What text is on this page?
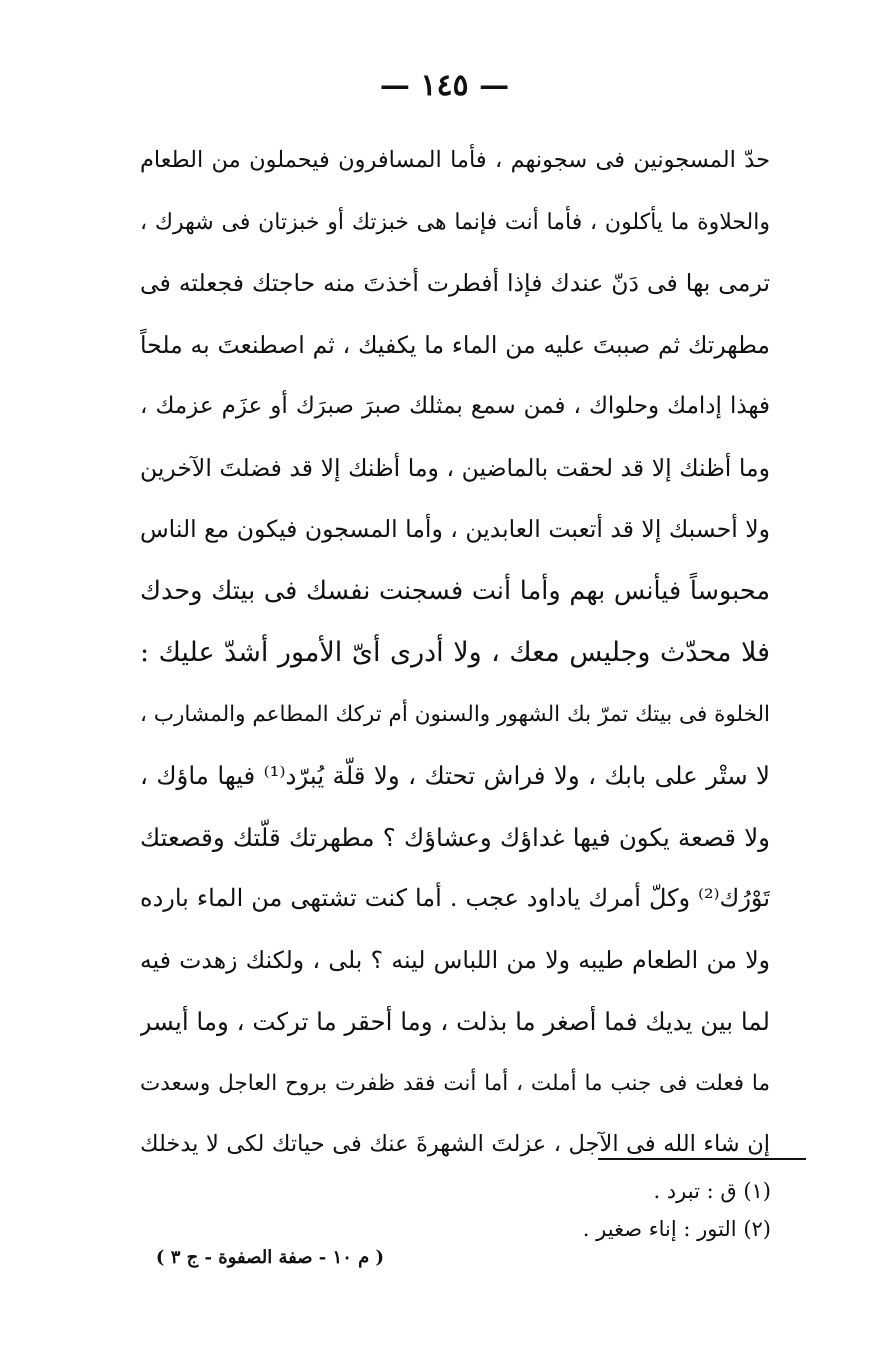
— ١٤٥ —
حدّ المسجونين فى سجونهم ، فأما المسافرون فيحملون من الطعام
والحلاوة ما يأكلون ، فأما أنت فإنما هى خبزتك أو خبزتان فى شهرك ،
ترمى بها فى دَنّ عندك فإذا أفطرت أخذتَ منه حاجتك فجعلته فى
مطهرتك ثم صببتَ عليه من الماء ما يكفيك ، ثم اصطنعتَ به ملحاً
فهذا إدامك وحلواك ، فمن سمع بمثلك صبرَ صبرَك أو عزَم عزمك ،
وما أظنك إلا قد لحقت بالماضين ، وما أظنك إلا قد فضلتَ الآخرين
ولا أحسبك إلا قد أتعبت العابدين ، وأما المسجون فيكون مع الناس
محبوساً فيأنس بهم وأما أنت فسجنت نفسك فى بيتك وحدك
فلا محدّث وجليس معك ، ولا أدرى أىّ الأمور أشدّ عليك :
الخلوة فى بيتك تمرّ بك الشهور والسنون أم تركك المطاعم والمشارب ،
لا ستْر على بابك ، ولا فراش تحتك ، ولا قلّة يُبرّد⁽¹⁾ فيها ماؤك ،
ولا قصعة يكون فيها غداؤك وعشاؤك ؟ مطهرتك قلّتك وقصعتك
تَوْرُك⁽²⁾ وكلّ أمرك ياداود عجب . أما كنت تشتهى من الماء بارده
ولا من الطعام طيبه ولا من اللباس لينه ؟ بلى ، ولكنك زهدت فيه
لما بين يديك فما أصغر ما بذلت ، وما أحقر ما تركت ، وما أيسر
ما فعلت فى جنب ما أملت ، أما أنت فقد ظفرت بروح العاجل وسعدت
إن شاء الله فى الآجل ، عزلتَ الشهرةَ عنك فى حياتك لكى لا يدخلك
(١) ق : تبرد .
(٢) التور : إناء صغير .
( م ١٠ - صفة الصفوة - ج ٣ )
